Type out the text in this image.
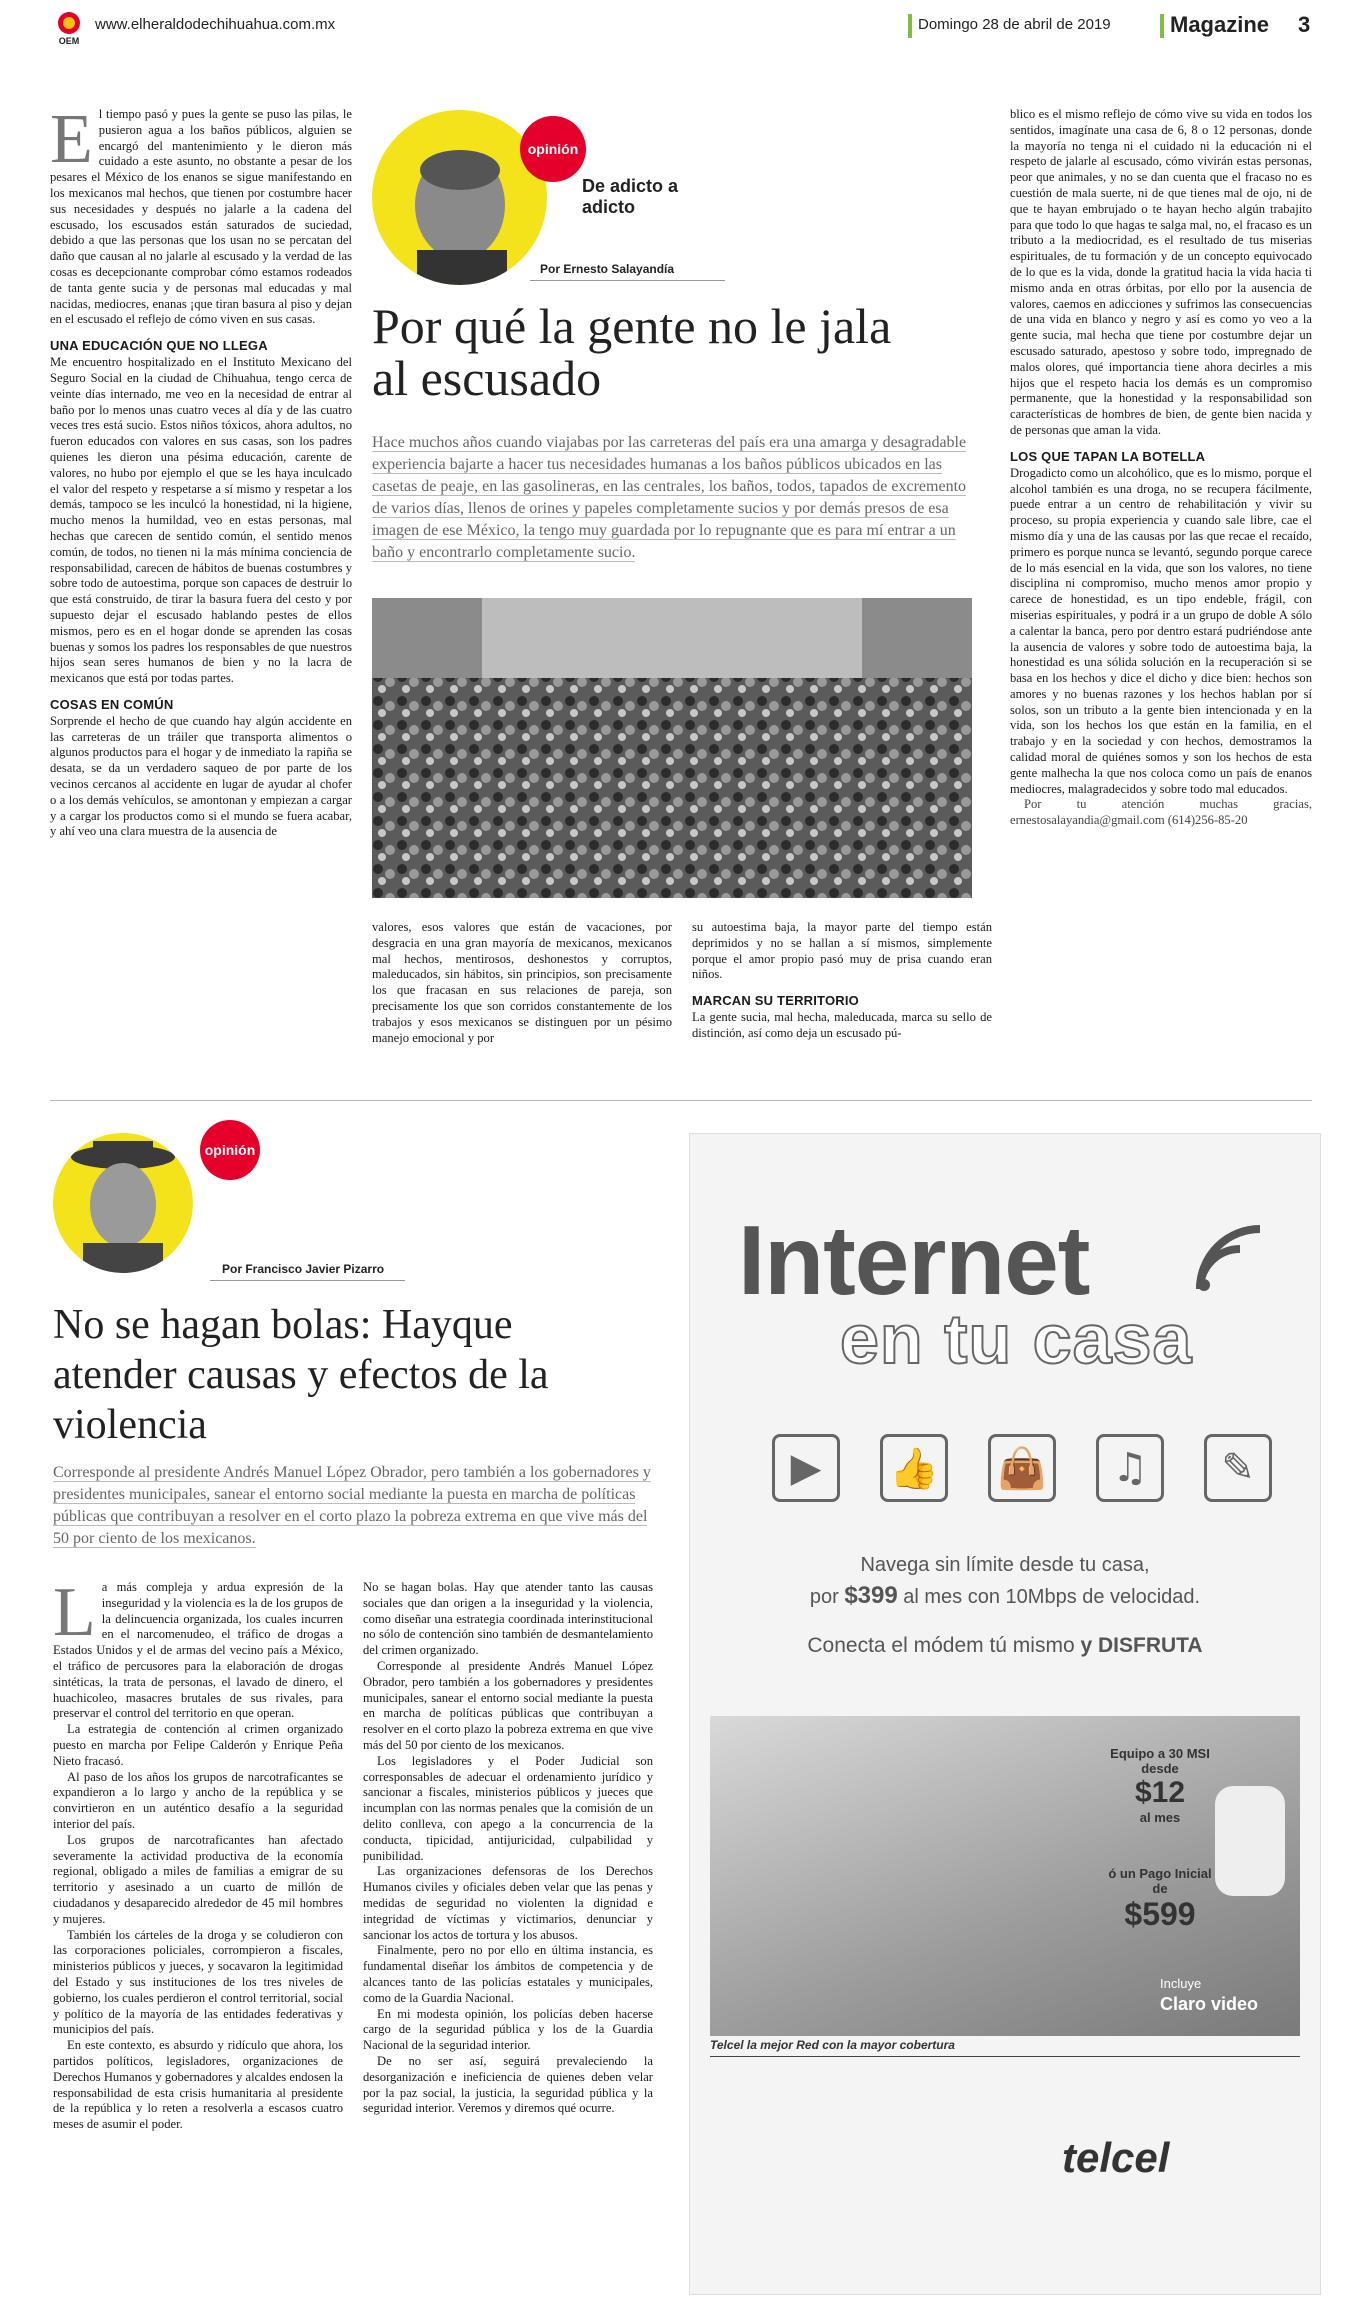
OEM
www.elheraldodechihuahua.com.mx	Domingo 28 de abril de 2019	Magazine 3
E l tiempo pasó y pues la gente se puso las pilas, le pusieron agua a los baños públicos, alguien se encargó del mantenimiento y le dieron más cuidado a este asunto, no obstante a pesar de los pesares el México de los enanos se sigue manifestando en los mexicanos mal hechos, que tienen por costumbre hacer sus necesidades y después no jalarle a la cadena del escusado, los escusados están saturados de suciedad, debido a que las personas que los usan no se percatan del daño que causan al no jalarle al escusado y la verdad de las cosas es decepcionante comprobar cómo estamos rodeados de tanta gente sucia y de personas mal educadas y mal nacidas, mediocres, enanas ¡que tiran basura al piso y dejan en el escusado el reflejo de cómo viven en sus casas.

UNA EDUCACIÓN QUE NO LLEGA

Me encuentro hospitalizado en el Instituto Mexicano del Seguro Social en la ciudad de Chihuahua, tengo cerca de veinte días internado, me veo en la necesidad de entrar al baño por lo menos unas cuatro veces al día y de las cuatro veces tres está sucio. Estos niños tóxicos, ahora adultos, no fueron educados con valores en sus casas, son los padres quienes les dieron una pésima educación, carente de valores, no hubo por ejemplo el que se les haya inculcado el valor del respeto y respetarse a sí mismo y respetar a los demás, tampoco se les inculcó la honestidad, ni la higiene, mucho menos la humildad, veo en estas personas, mal hechas que carecen de sentido común, el sentido menos común, de todos, no tienen ni la más mínima conciencia de responsabilidad, carecen de hábitos de buenas costumbres y sobre todo de autoestima, porque son capaces de destruir lo que está construido, de tirar la basura fuera del cesto y por supuesto dejar el escusado hablando pestes de ellos mismos, pero es en el hogar donde se aprenden las cosas buenas y somos los padres los responsables de que nuestros hijos sean seres humanos de bien y no la lacra de mexicanos que está por todas partes.

COSAS EN COMÚN

Sorprende el hecho de que cuando hay algún accidente en las carreteras de un tráiler que transporta alimentos o algunos productos para el hogar y de inmediato la rapiña se desata, se da un verdadero saqueo de por parte de los vecinos cercanos al accidente en lugar de ayudar al chofer o a los demás vehículos, se amontonan y empiezan a cargar y a cargar los productos como si el mundo se fuera acabar, y ahí veo una clara muestra de la ausencia de

opinión
De adicto a adicto
Por Ernesto Salayandía
Por qué la gente no le jala al escusado
Hace muchos años cuando viajabas por las carreteras del país era una amarga y desagradable experiencia bajarte a hacer tus necesidades humanas a los baños públicos ubicados en las casetas de peaje, en las gasolineras, en las centrales, los baños, todos, tapados de excremento de varios días, llenos de orines y papeles completamente sucios y por demás presos de esa imagen de ese México, la tengo muy guardada por lo repugnante que es para mí entrar a un baño y encontrarlo completamente sucio.

valores, esos valores que están de vacaciones, por desgracia en una gran mayoría de mexicanos, mexicanos mal hechos, mentirosos, deshonestos y corruptos, maleducados, sin hábitos, sin principios, son precisamente los que fracasan en sus relaciones de pareja, son precisamente los que son corridos constantemente de los trabajos y esos mexicanos se distinguen por un pésimo manejo emocional y por

su autoestima baja, la mayor parte del tiempo están deprimidos y no se hallan a sí mismos, simplemente porque el amor propio pasó muy de prisa cuando eran niños.

MARCAN SU TERRITORIO

La gente sucia, mal hecha, maleducada, marca su sello de distinción, así como deja un escusado pú-

blico es el mismo reflejo de cómo vive su vida en todos los sentidos, imagínate una casa de 6, 8 o 12 personas, donde la mayoría no tenga ni el cuidado ni la educación ni el respeto de jalarle al escusado, cómo vivirán estas personas, peor que animales, y no se dan cuenta que el fracaso no es cuestión de mala suerte, ni de que tienes mal de ojo, ni de que te hayan embrujado o te hayan hecho algún trabajito para que todo lo que hagas te salga mal, no, el fracaso es un tributo a la mediocridad, es el resultado de tus miserias espirituales, de tu formación y de un concepto equivocado de lo que es la vida, donde la gratitud hacia la vida hacia ti mismo anda en otras órbitas, por ello por la ausencia de valores, caemos en adicciones y sufrimos las consecuencias de una vida en blanco y negro y así es como yo veo a la gente sucia, mal hecha que tiene por costumbre dejar un escusado saturado, apestoso y sobre todo, impregnado de malos olores, qué importancia tiene ahora decirles a mis hijos que el respeto hacia los demás es un compromiso permanente, que la honestidad y la responsabilidad son características de hombres de bien, de gente bien nacida y de personas que aman la vida.

LOS QUE TAPAN LA BOTELLA

Drogadicto como un alcohólico, que es lo mismo, porque el alcohol también es una droga, no se recupera fácilmente, puede entrar a un centro de rehabilitación y vivir su proceso, su propia experiencia y cuando sale libre, cae el mismo día y una de las causas por las que recae el recaído, primero es porque nunca se levantó, segundo porque carece de lo más esencial en la vida, que son los valores, no tiene disciplina ni compromiso, mucho menos amor propio y carece de honestidad, es un tipo endeble, frágil, con miserias espirituales, y podrá ir a un grupo de doble A sólo a calentar la banca, pero por dentro estará pudriéndose ante la ausencia de valores y sobre todo de autoestima baja, la honestidad es una sólida solución en la recuperación si se basa en los hechos y dice el dicho y dice bien: hechos son amores y no buenas razones y los hechos hablan por sí solos, son un tributo a la gente bien intencionada y en la vida, son los hechos los que están en la familia, en el trabajo y en la sociedad y con hechos, demostramos la calidad moral de quiénes somos y son los hechos de esta gente malhecha la que nos coloca como un país de enanos mediocres, malagradecidos y sobre todo mal educados.

Por tu atención muchas gracias, ernestosalayandia@gmail.com (614)256-85-20

opinión
Por Francisco Javier Pizarro
No se hagan bolas: Hayque atender causas y efectos de la violencia
Corresponde al presidente Andrés Manuel López Obrador, pero también a los gobernadores y presidentes municipales, sanear el entorno social mediante la puesta en marcha de políticas públicas que contribuyan a resolver en el corto plazo la pobreza extrema en que vive más del 50 por ciento de los mexicanos.
L a más compleja y ardua expresión de la inseguridad y la violencia es la de los grupos de la delincuencia organizada, los cuales incurren en el narcomenudeo, el tráfico de drogas a Estados Unidos y el de armas del vecino país a México, el tráfico de percusores para la elaboración de drogas sintéticas, la trata de personas, el lavado de dinero, el huachicoleo, masacres brutales de sus rivales, para preservar el control del territorio en que operan.

La estrategia de contención al crimen organizado puesto en marcha por Felipe Calderón y Enrique Peña Nieto fracasó.

Al paso de los años los grupos de narcotraficantes se expandieron a lo largo y ancho de la república y se convirtieron en un auténtico desafío a la seguridad interior del país.

Los grupos de narcotraficantes han afectado severamente la actividad productiva de la economía regional, obligado a miles de familias a emigrar de su territorio y asesinado a un cuarto de millón de ciudadanos y desaparecido alrededor de 45 mil hombres y mujeres.

También los cárteles de la droga y se coludieron con las corporaciones policiales, corrompieron a fiscales, ministerios públicos y jueces, y socavaron la legitimidad del Estado y sus instituciones de los tres niveles de gobierno, los cuales perdieron el control territorial, social y político de la mayoría de las entidades federativas y municipios del país.

En este contexto, es absurdo y ridículo que ahora, los partidos políticos, legisladores, organizaciones de Derechos Humanos y gobernadores y alcaldes endosen la responsabilidad de esta crisis humanitaria al presidente de la república y lo reten a resolverla a escasos cuatro meses de asumir el poder.

No se hagan bolas. Hay que atender tanto las causas sociales que dan origen a la inseguridad y la violencia, como diseñar una estrategia coordinada interinstitucional no sólo de contención sino también de desmantelamiento del crimen organizado.

Corresponde al presidente Andrés Manuel López Obrador, pero también a los gobernadores y presidentes municipales, sanear el entorno social mediante la puesta en marcha de políticas públicas que contribuyan a resolver en el corto plazo la pobreza extrema en que vive más del 50 por ciento de los mexicanos.

Los legisladores y el Poder Judicial son corresponsables de adecuar el ordenamiento jurídico y sancionar a fiscales, ministerios públicos y jueces que incumplan con las normas penales que la comisión de un delito conlleva, con apego a la concurrencia de la conducta, tipicidad, antijuricidad, culpabilidad y punibilidad.

Las organizaciones defensoras de los Derechos Humanos civiles y oficiales deben velar que las penas y medidas de seguridad no violenten la dignidad e integridad de víctimas y victimarios, denunciar y sancionar los actos de tortura y los abusos.

Finalmente, pero no por ello en última instancia, es fundamental diseñar los ámbitos de competencia y de alcances tanto de las policías estatales y municipales, como de la Guardia Nacional.

En mi modesta opinión, los policías deben hacerse cargo de la seguridad pública y los de la Guardia Nacional de la seguridad interior.

De no ser así, seguirá prevaleciendo la desorganización e ineficiencia de quienes deben velar por la paz social, la justicia, la seguridad pública y la seguridad interior. Veremos y diremos qué ocurre.

Internet
en tu casa
▶	👍 👜	♫	✎
Navega sin límite desde tu casa,
por $399 al mes con 10Mbps de velocidad.
Conecta el módem tú mismo y DISFRUTA
Equipo a 30 MSI desde
$12
al mes
ó un Pago Inicial de
$599
Incluye
Claro video
Telcel la mejor Red con la mayor cobertura
telcel
